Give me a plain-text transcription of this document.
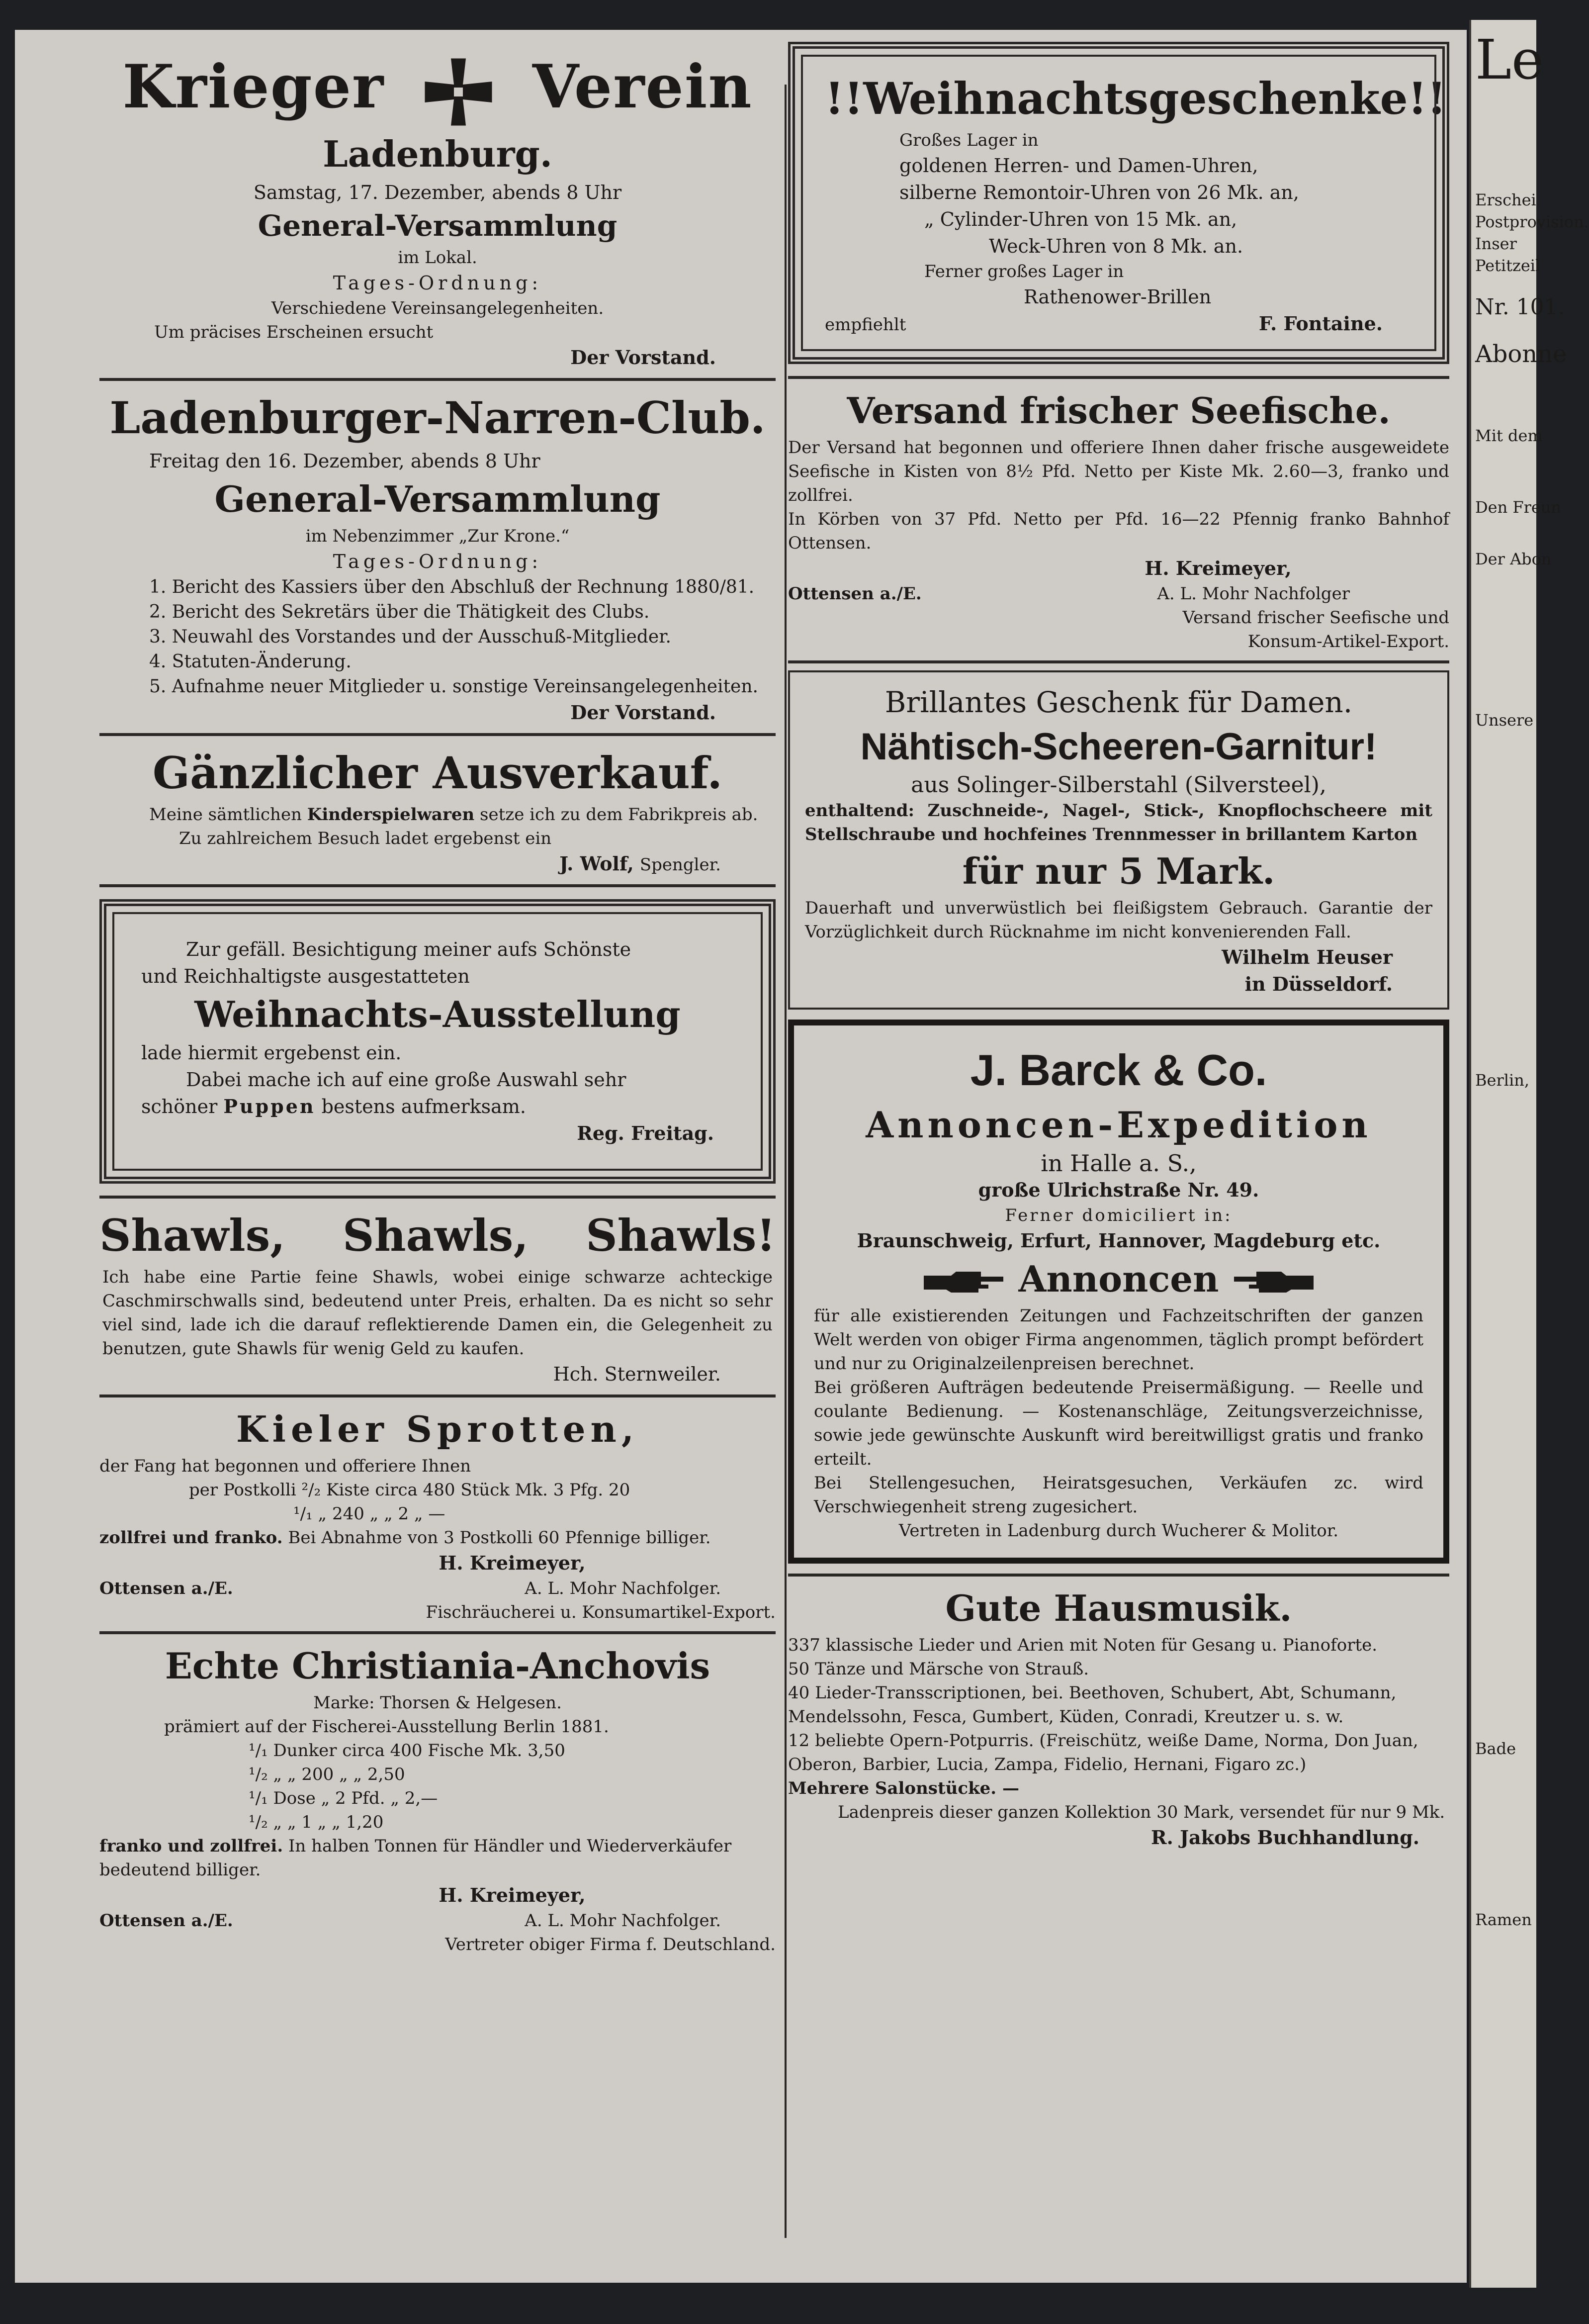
Krieger Verein
Ladenburg.
Samstag, 17. Dezember, abends 8 Uhr
General-Versammlung
im Lokal.
Tages-Ordnung:
Verschiedene Vereinsangelegenheiten.
Um präcises Erscheinen ersucht
Der Vorstand.
Ladenburger-Narren-Club.
Freitag den 16. Dezember, abends 8 Uhr
General-Versammlung
im Nebenzimmer „Zur Krone.“
Tages-Ordnung:
1. Bericht des Kassiers über den Abschluß der Rechnung 1880/81.
2. Bericht des Sekretärs über die Thätigkeit des Clubs.
3. Neuwahl des Vorstandes und der Ausschuß-Mitglieder.
4. Statuten-Änderung.
5. Aufnahme neuer Mitglieder u. sonstige Vereinsangelegenheiten.
Der Vorstand.
Gänzlicher Ausverkauf.
Meine sämtlichen Kinderspielwaren setze ich zu dem Fabrikpreis ab.
Zu zahlreichem Besuch ladet ergebenst ein
J. Wolf, Spengler.
Zur gefäll. Besichtigung meiner aufs Schönste
und Reichhaltigste ausgestatteten
Weihnachts-Ausstellung
lade hiermit ergebenst ein.
Dabei mache ich auf eine große Auswahl sehr
schöner Puppen bestens aufmerksam.
Reg. Freitag.
Shawls, Shawls, Shawls!
Ich habe eine Partie feine Shawls, wobei einige schwarze achteckige Caschmirschwalls sind, bedeutend unter Preis, erhalten. Da es nicht so sehr viel sind, lade ich die darauf reflektierende Damen ein, die Gelegenheit zu benutzen, gute Shawls für wenig Geld zu kaufen.
Hch. Sternweiler.
Kieler Sprotten,
der Fang hat begonnen und offeriere Ihnen
per Postkolli ²/₂ Kiste circa 480 Stück Mk. 3 Pfg. 20
¹/₁ „ 240 „ „ 2 „ —
zollfrei und franko. Bei Abnahme von 3 Postkolli 60 Pfennige billiger.
H. Kreimeyer,
Ottensen a./E.	A. L. Mohr Nachfolger.
Fischräucherei u. Konsumartikel-Export.
Echte Christiania-Anchovis
Marke: Thorsen & Helgesen.
prämiert auf der Fischerei-Ausstellung Berlin 1881.
¹/₁ Dunker circa 400 Fische Mk. 3,50
¹/₂ „ „ 200 „ „ 2,50
¹/₁ Dose „ 2 Pfd. „ 2,—
¹/₂ „ „ 1 „ „ 1,20
franko und zollfrei. In halben Tonnen für Händler und Wiederverkäufer bedeutend billiger.
H. Kreimeyer,
Ottensen a./E.	A. L. Mohr Nachfolger.
Vertreter obiger Firma f. Deutschland.
!!Weihnachtsgeschenke!!
Großes Lager in
goldenen Herren- und Damen-Uhren,
silberne Remontoir-Uhren von 26 Mk. an,
„ Cylinder-Uhren von 15 Mk. an,
Weck-Uhren von 8 Mk. an.
Ferner großes Lager in
Rathenower-Brillen
empfiehlt	F. Fontaine.
Versand frischer Seefische.
Der Versand hat begonnen und offeriere Ihnen daher frische ausgeweidete Seefische in Kisten von 8½ Pfd. Netto per Kiste Mk. 2.60—3, franko und zollfrei.
In Körben von 37 Pfd. Netto per Pfd. 16—22 Pfennig franko Bahnhof Ottensen.
H. Kreimeyer,
Ottensen a./E.	A. L. Mohr Nachfolger
Versand frischer Seefische und Konsum-Artikel-Export.
Brillantes Geschenk für Damen.
Nähtisch-Scheeren-Garnitur!
aus Solinger-Silberstahl (Silversteel),
enthaltend: Zuschneide-, Nagel-, Stick-, Knopflochscheere mit Stellschraube und hochfeines Trennmesser in brillantem Karton
für nur 5 Mark.
Dauerhaft und unverwüstlich bei fleißigstem Gebrauch. Garantie der Vorzüglichkeit durch Rücknahme im nicht konvenierenden Fall.
Wilhelm Heuser
in Düsseldorf.
J. Barck & Co.
Annoncen-Expedition
in Halle a. S.,
große Ulrichstraße Nr. 49.
Ferner domiciliert in:
Braunschweig, Erfurt, Hannover, Magdeburg etc.
Annoncen
für alle existierenden Zeitungen und Fachzeitschriften der ganzen Welt werden von obiger Firma angenommen, täglich prompt befördert und nur zu Originalzeilenpreisen berechnet.
Bei größeren Aufträgen bedeutende Preisermäßigung. — Reelle und coulante Bedienung. — Kostenanschläge, Zeitungsverzeichnisse, sowie jede gewünschte Auskunft wird bereitwilligst gratis und franko erteilt.
Bei Stellengesuchen, Heiratsgesuchen, Verkäufen zc. wird Verschwiegenheit streng zugesichert.
Vertreten in Ladenburg durch Wucherer & Molitor.
Gute Hausmusik.
337 klassische Lieder und Arien mit Noten für Gesang u. Pianoforte.
50 Tänze und Märsche von Strauß.
40 Lieder-Transscriptionen, bei. Beethoven, Schubert, Abt, Schumann, Mendelssohn, Fesca, Gumbert, Küden, Conradi, Kreutzer u. s. w.
12 beliebte Opern-Potpurris. (Freischütz, weiße Dame, Norma, Don Juan, Oberon, Barbier, Lucia, Zampa, Fidelio, Hernani, Figaro zc.)
Mehrere Salonstücke. —
Ladenpreis dieser ganzen Kollektion 30 Mark, versendet für nur 9 Mk.
R. Jakobs Buchhandlung.
Le
Erschei
Postprovision.
Inser
Petitzeil
Nr. 101.
Abonne
Mit dem
Den Freun
Der Abon
Unsere
Berlin,
Bade
Ramen
